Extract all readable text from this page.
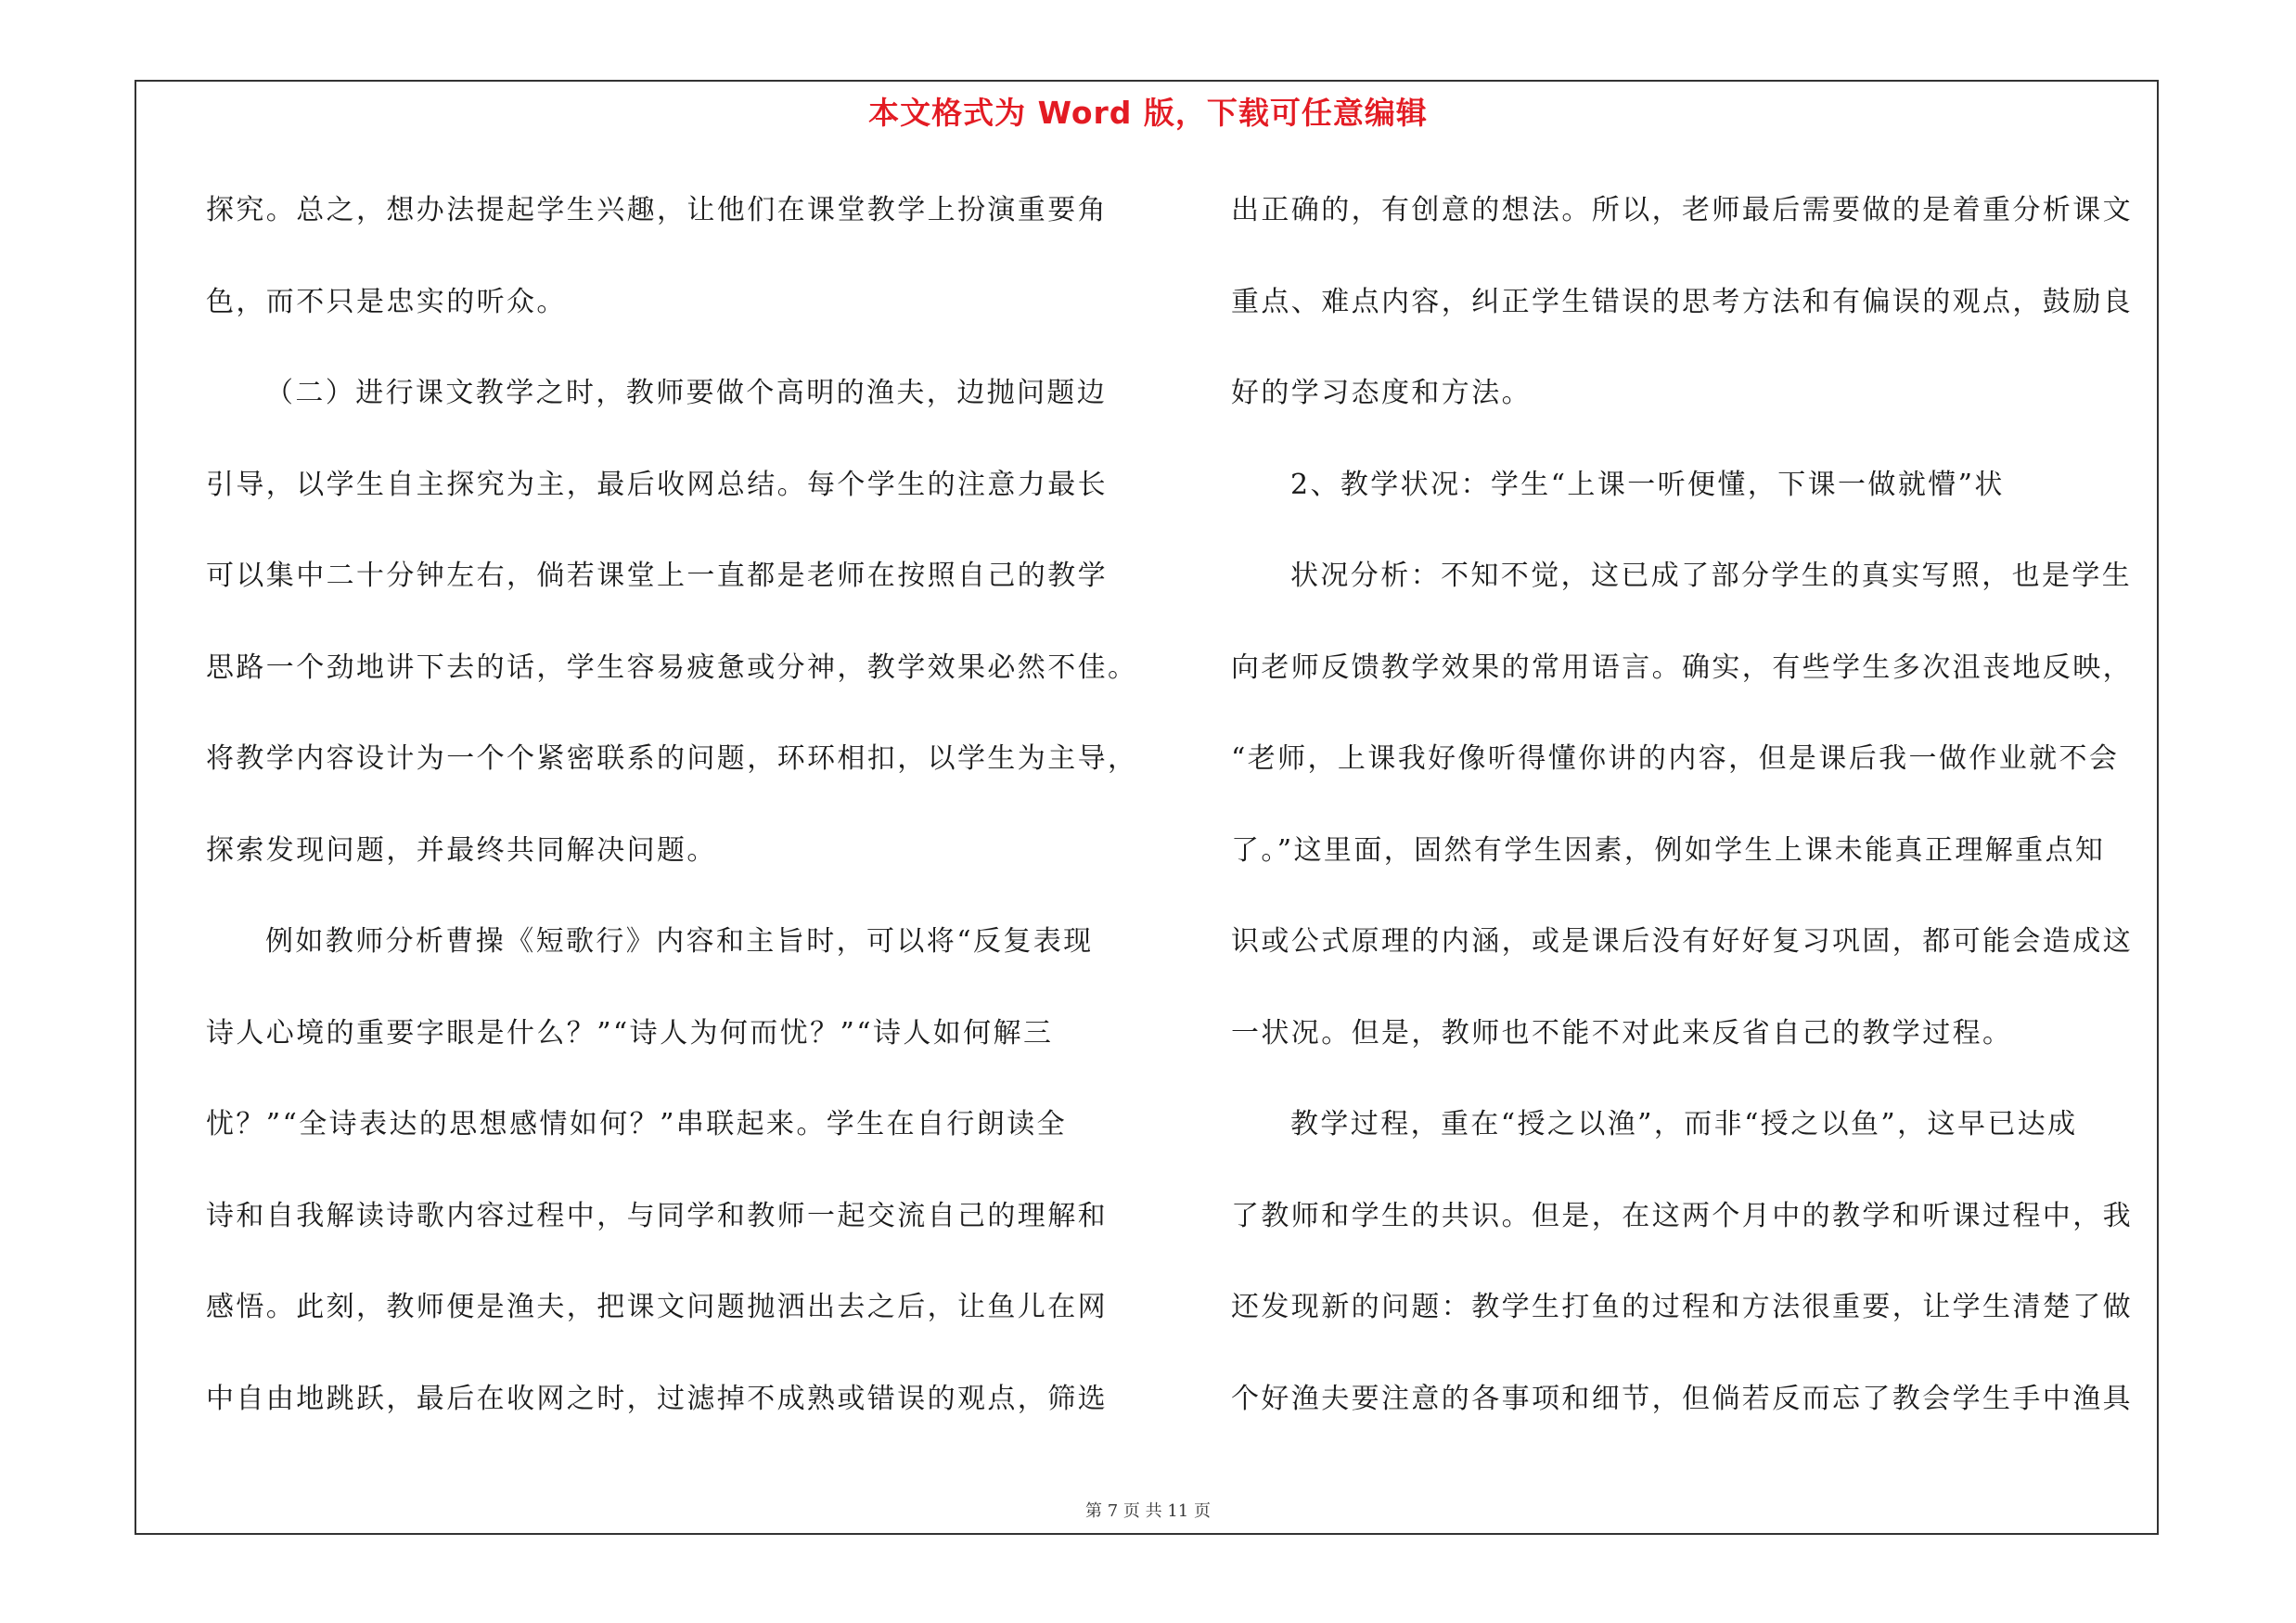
本文格式为 Word 版，下载可任意编辑
探究。总之，想办法提起学生兴趣，让他们在课堂教学上扮演重要角
色，而不只是忠实的听众。
（二）进行课文教学之时，教师要做个高明的渔夫，边抛问题边
引导，以学生自主探究为主，最后收网总结。每个学生的注意力最长
可以集中二十分钟左右，倘若课堂上一直都是老师在按照自己的教学
思路一个劲地讲下去的话，学生容易疲惫或分神，教学效果必然不佳。
将教学内容设计为一个个紧密联系的问题，环环相扣，以学生为主导，
探索发现问题，并最终共同解决问题。
例如教师分析曹操《短歌行》内容和主旨时，可以将“反复表现
诗人心境的重要字眼是什么？”“诗人为何而忧？”“诗人如何解三
忧？”“全诗表达的思想感情如何？”串联起来。学生在自行朗读全
诗和自我解读诗歌内容过程中，与同学和教师一起交流自己的理解和
感悟。此刻，教师便是渔夫，把课文问题抛洒出去之后，让鱼儿在网
中自由地跳跃，最后在收网之时，过滤掉不成熟或错误的观点，筛选
出正确的，有创意的想法。所以，老师最后需要做的是着重分析课文
重点、难点内容，纠正学生错误的思考方法和有偏误的观点，鼓励良
好的学习态度和方法。
2、教学状况：学生“上课一听便懂，下课一做就懵”状
状况分析：不知不觉，这已成了部分学生的真实写照，也是学生
向老师反馈教学效果的常用语言。确实，有些学生多次沮丧地反映，
“老师，上课我好像听得懂你讲的内容，但是课后我一做作业就不会
了。”这里面，固然有学生因素，例如学生上课未能真正理解重点知
识或公式原理的内涵，或是课后没有好好复习巩固，都可能会造成这
一状况。但是，教师也不能不对此来反省自己的教学过程。
教学过程，重在“授之以渔”，而非“授之以鱼”，这早已达成
了教师和学生的共识。但是，在这两个月中的教学和听课过程中，我
还发现新的问题：教学生打鱼的过程和方法很重要，让学生清楚了做
个好渔夫要注意的各事项和细节，但倘若反而忘了教会学生手中渔具
第 7 页 共 11 页
